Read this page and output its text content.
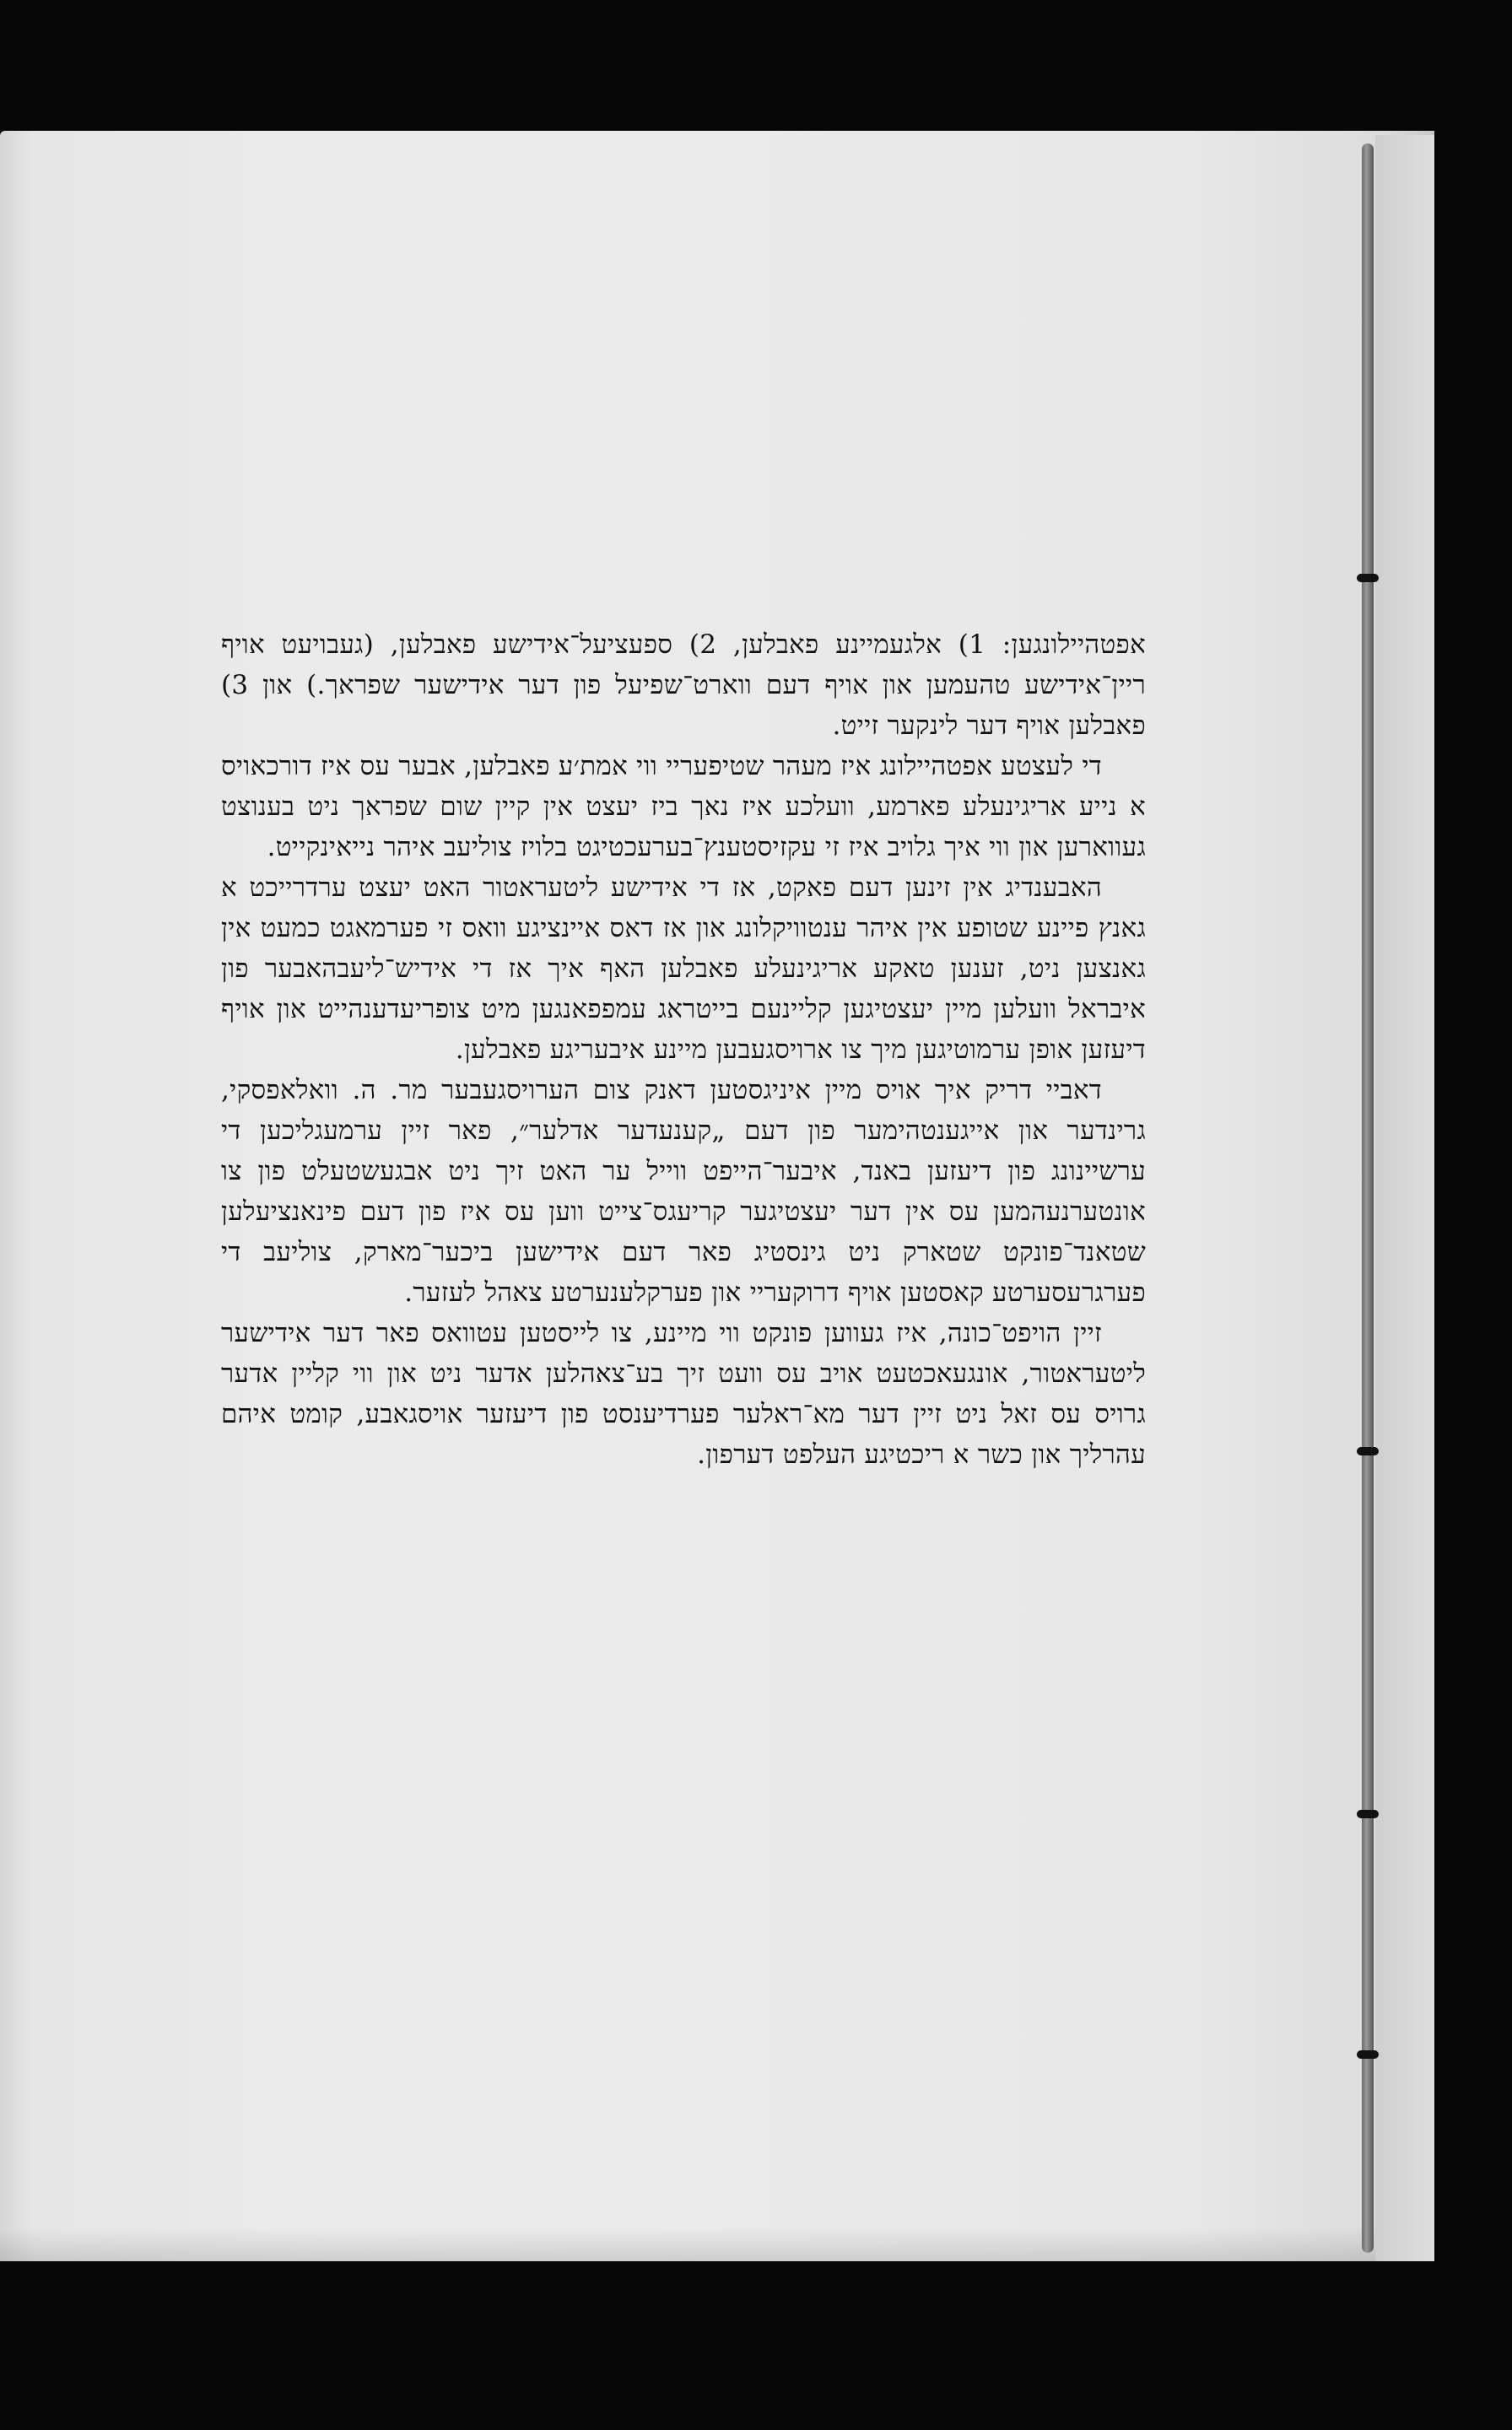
אפטהיילונגען: 1) אלגעמיינע פאבלען, 2) ספעציעל־אידישע פאבלען, (געבויעט אויף ריין־אידישע טהעמען און אויף דעם ווארט־שפיעל פון דער אידישער שפראך.) און 3) פאבלען אויף דער לינקער זייט.

די לעצטע אפטהיילונג איז מעהר שטיפעריי ווי אמת׳ע פאבלען, אבער עס איז דורכאויס א נייע אריגינעלע פארמע, וועלכע איז נאך ביז יעצט אין קיין שום שפראך ניט בענוצט געווארען און ווי איך גלויב איז זי עקזיסטענץ־בערעכטיגט בלויז צוליעב איהר נייאינקייט.

האבענדיג אין זינען דעם פאקט, אז די אידישע ליטעראטור האט יעצט ערדרייכט א גאנץ פיינע שטופע אין איהר ענטוויקלונג און אז דאס איינציגע וואס זי פערמאגט כמעט אין גאנצען ניט, זענען טאקע אריגינעלע פאבלען האף איך אז די אידיש־ליעבהאבער פון איבראל וועלען מיין יעצטיגען קליינעם בייטראג עמפפאנגען מיט צופריעדענהייט און אויף דיעזען אופן ערמוטיגען מיך צו ארויסגעבען מיינע איבעריגע פאבלען.

דאביי דריק איך אויס מיין איניגסטען דאנק צום הערויסגעבער מר. ה. וואלאפסקי, גרינדער און אייגענטהימער פון דעם „קענעדער אדלער״, פאר זיין ערמעגליכען די ערשיינונג פון דיעזען באנד, איבער־הייפט ווייל ער האט זיך ניט אבגעשטעלט פון צו אונטערנעהמען עס אין דער יעצטיגער קריעגס־צייט ווען עס איז פון דעם פינאנציעלען שטאנד־פונקט שטארק ניט גינסטיג פאר דעם אידישען ביכער־מארק, צוליעב די פערגרעסערטע קאסטען אויף דרוקעריי און פערקלענערטע צאהל לעזער.

זיין הויפט־כונה, איז געווען פונקט ווי מיינע, צו לייסטען עטוואס פאר דער אידישער ליטעראטור, אונגעאכטעט אויב עס וועט זיך בע־צאהלען אדער ניט און ווי קליין אדער גרויס עס זאל ניט זיין דער מא־ראלער פערדיענסט פון דיעזער אויסגאבע, קומט איהם עהרליך און כשר א ריכטיגע העלפט דערפון.
